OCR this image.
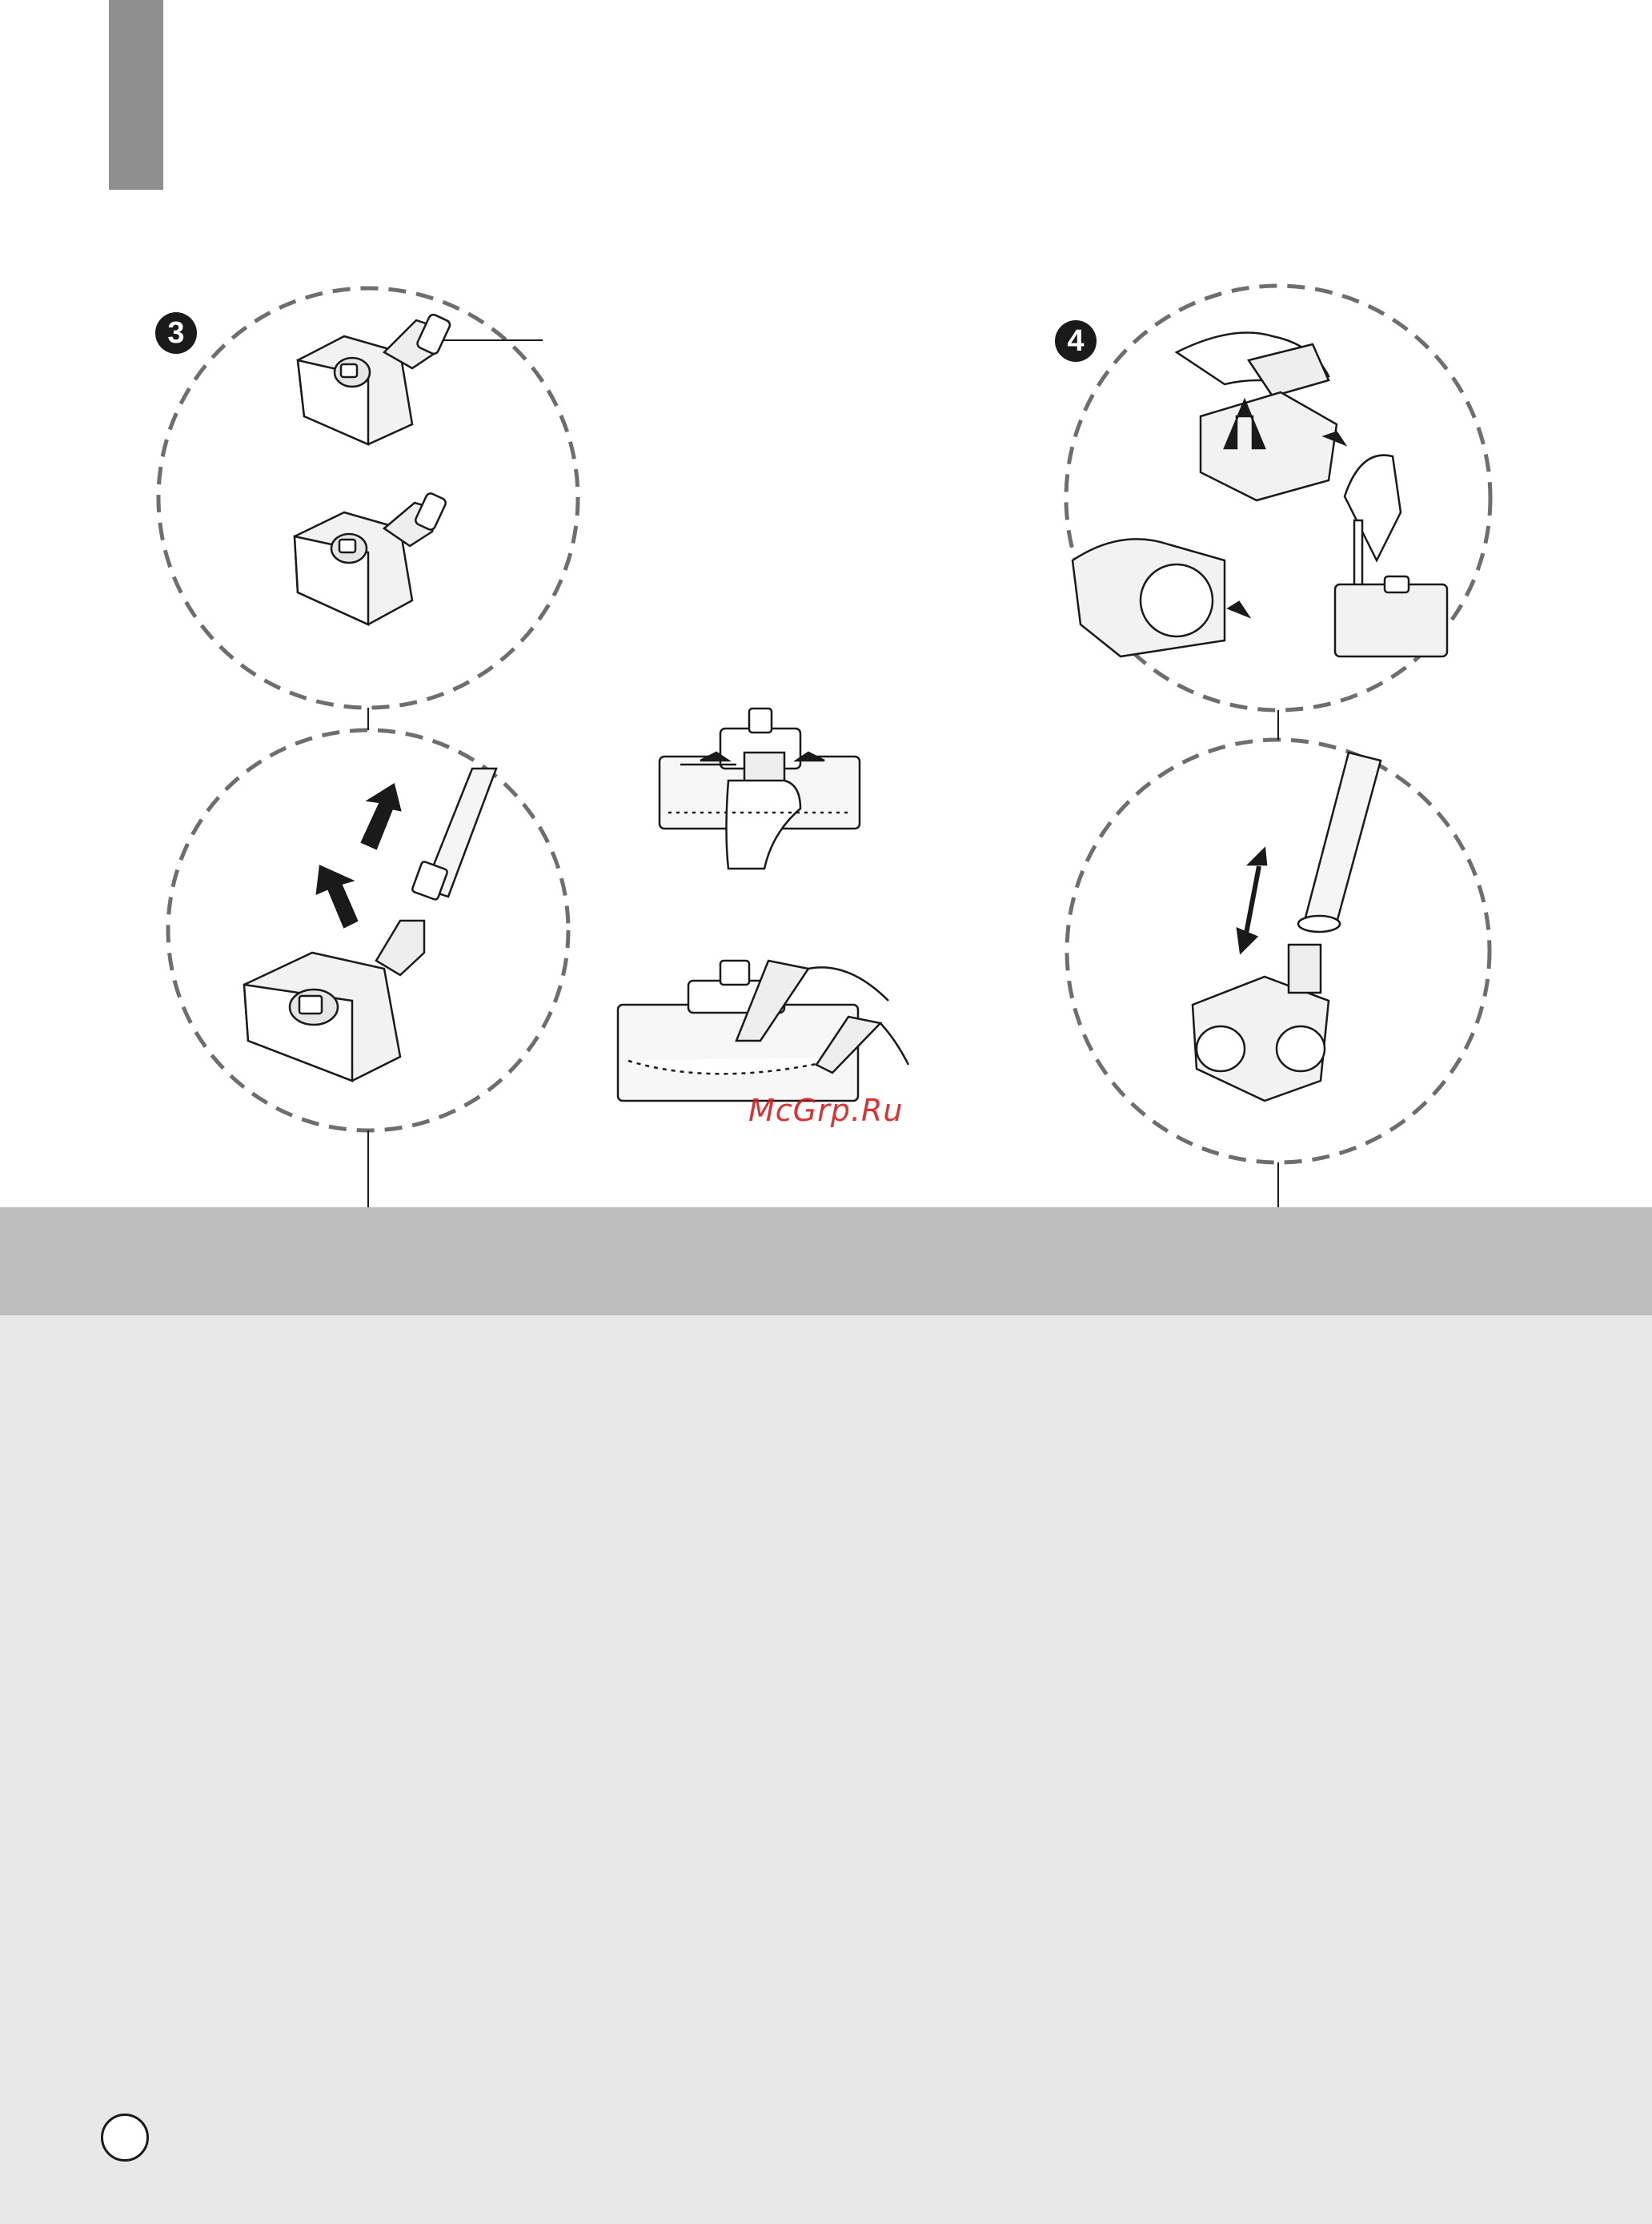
3	4
McGrp.Ru
